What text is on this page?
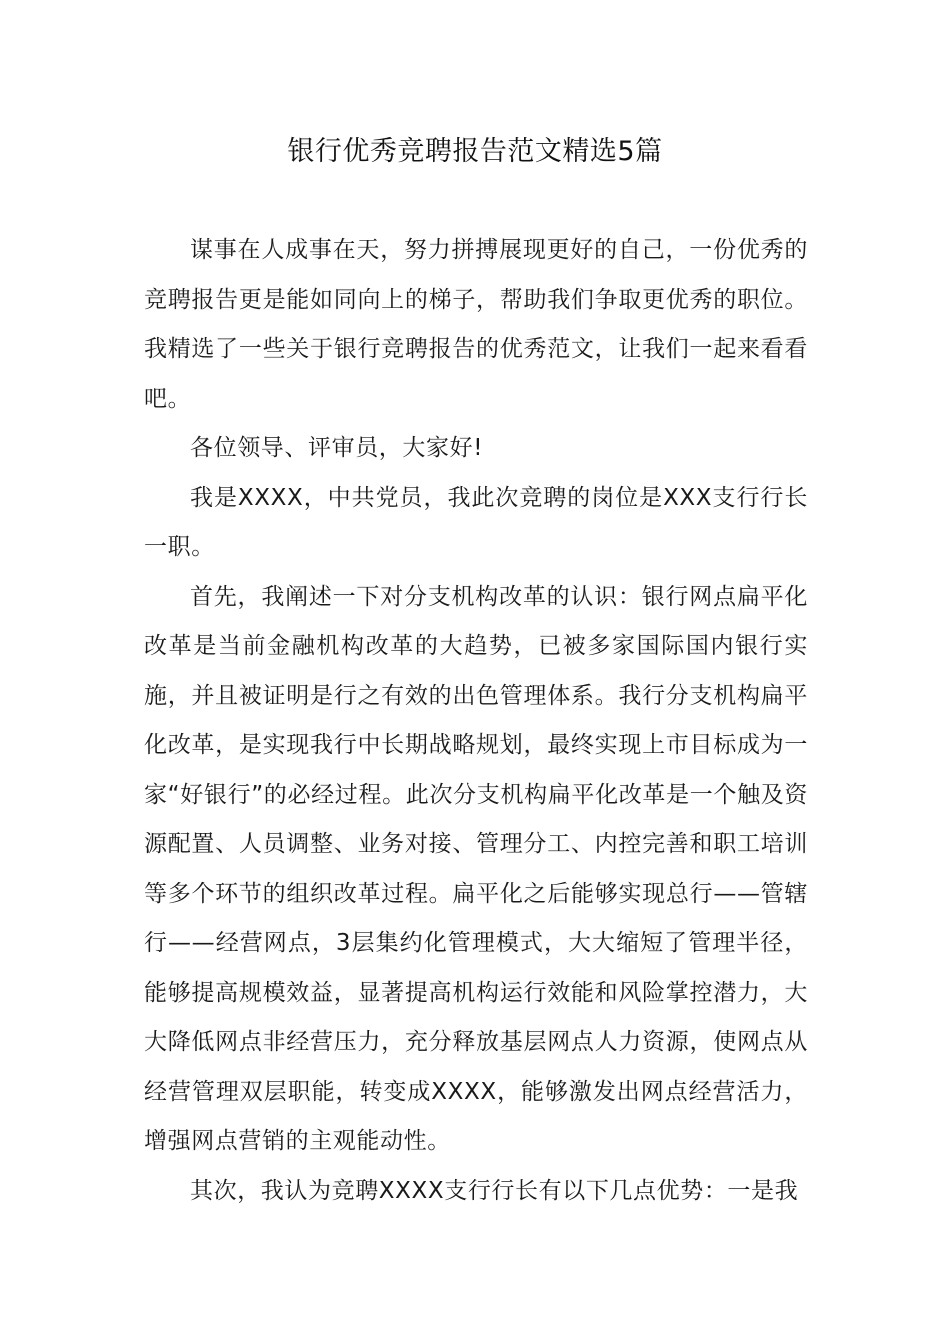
银行优秀竞聘报告范文精选5篇

谋事在人成事在天，努力拼搏展现更好的自己，一份优秀的竞聘报告更是能如同向上的梯子，帮助我们争取更优秀的职位。我精选了一些关于银行竞聘报告的优秀范文，让我们一起来看看吧。

各位领导、评审员，大家好!

我是XXXX，中共党员，我此次竞聘的岗位是XXX支行行长一职。

首先，我阐述一下对分支机构改革的认识：银行网点扁平化改革是当前金融机构改革的大趋势，已被多家国际国内银行实施，并且被证明是行之有效的出色管理体系。我行分支机构扁平化改革，是实现我行中长期战略规划，最终实现上市目标成为一家“好银行”的必经过程。此次分支机构扁平化改革是一个触及资源配置、人员调整、业务对接、管理分工、内控完善和职工培训等多个环节的组织改革过程。扁平化之后能够实现总行——管辖行——经营网点，3层集约化管理模式，大大缩短了管理半径，能够提高规模效益，显著提高机构运行效能和风险掌控潜力，大大降低网点非经营压力，充分释放基层网点人力资源，使网点从经营管理双层职能，转变成XXXX，能够激发出网点经营活力，增强网点营销的主观能动性。

其次，我认为竞聘XXXX支行行长有以下几点优势：一是我
